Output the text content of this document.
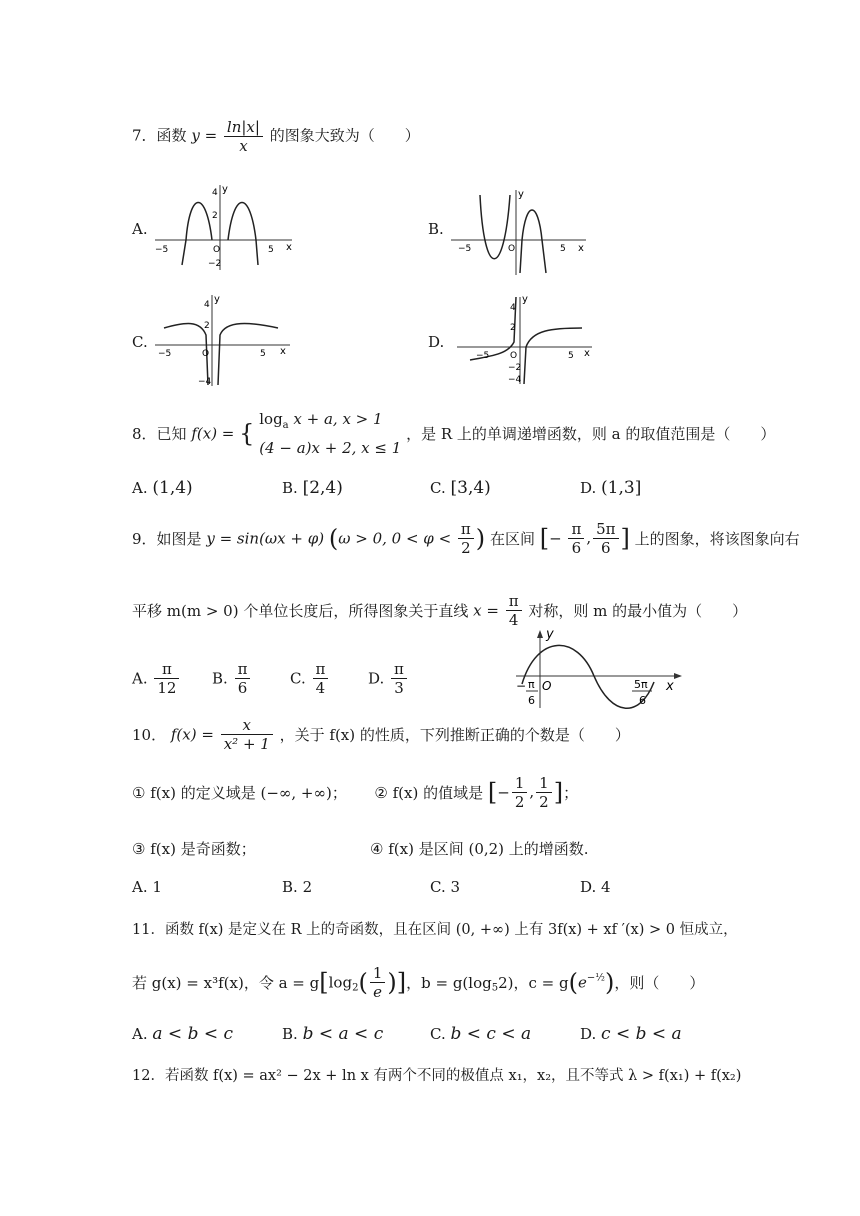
7．函数 $y = \frac{\ln|x|}{x}$ 的图象大致为（　　）
A.
y
4
2
−5	O	5
−2
x
B.
y
−5	O	5 x
C.
y
4
2
−5	O	5 x
−4
D.
y
4
2
−5 O	5 x
−2
−4
8．已知 f(x) = {
$\log_a x + a$, x > 1
(4 − a)x + 2, x ≤ 1
，是 R 上的单调递增函数，则 a 的取值范围是（　　）
A. (1,4)	B. [2,4)	C. [3,4)	D. (1,3]
9．如图是 y = sin(ωx + φ) (ω > 0, $0 < \varphi < \frac{\pi}{2}$ ) 在区间 [− $\frac{\pi}{6}$ , $\frac{5\pi}{6}$ ] 上的图象，将该图象向右
平移 m(m > 0) 个单位长度后，所得图象关于直线 $x = \frac{\pi}{4}$ 对称，则 m 的最小值为（　　）
A. $\frac{\pi}{12} B$. $\frac{\pi}{6}$	C. $\frac{\pi}{4}$	D. $\frac{\pi}{3}$
y
x
O
− π
6
5π
6
10． $f(x) = \frac{x}{\text{x² + 1}}$ ，关于 f(x) 的性质，下列推断正确的个数是（　　）
① f(x) 的定义域是 (−∞, +∞)； ② f(x) 的值域是 [− $\frac{1}{2}$ , $\frac{1}{2}$ ]；
③ f(x) 是奇函数；	④ f(x) 是区间 (0,2) 上的增函数.
A. 1	B. 2	C. 3	D. 4
11．函数 f(x) 是定义在 R 上的奇函数，且在区间 (0, +∞) 上有 3f(x) + xf ′(x) > 0 恒成立，
若 g(x) = x³f(x)，令 $a = g[\log_2( \frac{1}{e}$ )]，$b = g(\log_52)$，$c = g(e^{-\frac{1}{2}})$，则（　　）
A. a < b < c	B. b < a < c	C. b < c < a	D. c < b < a
12．若函数 f(x) = ax² − 2x + ln x 有两个不同的极值点 x₁，x₂，且不等式 λ > f(x₁) + f(x₂)
